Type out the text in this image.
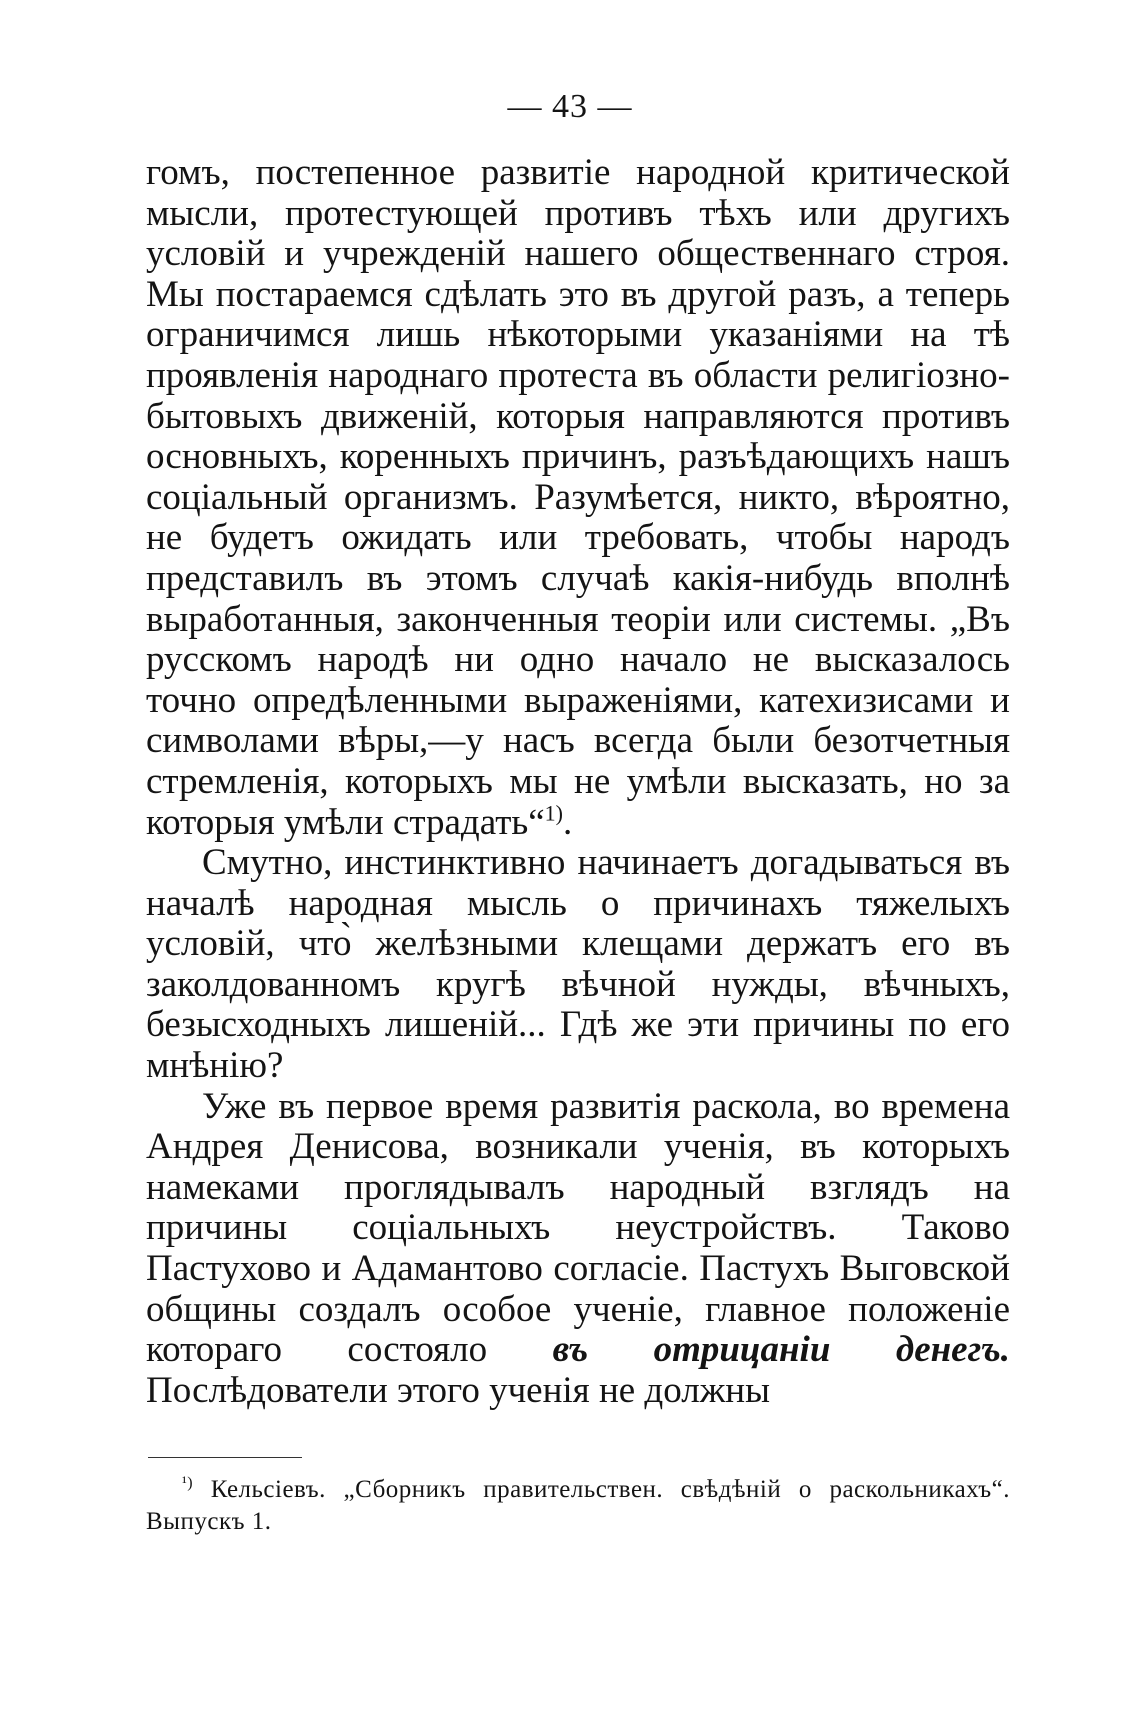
— 43 —

гомъ, постепенное развитіе народной критической мысли, протестующей противъ тѣхъ или другихъ условій и учрежденій нашего общественнаго строя. Мы постараемся сдѣлать это въ другой разъ, а теперь ограничимся лишь нѣкоторыми указаніями на тѣ проявленія народнаго протеста въ области религіозно-бытовыхъ движеній, которыя направляются противъ основныхъ, коренныхъ причинъ, разъѣдающихъ нашъ соціальный организмъ. Разумѣется, никто, вѣроятно, не будетъ ожидать или требовать, чтобы народъ представилъ въ этомъ случаѣ какія-нибудь вполнѣ выработанныя, законченныя теоріи или системы. „Въ русскомъ народѣ ни одно начало не высказалось точно опредѣленными выраженіями, катехизисами и символами вѣры,—у насъ всегда были безотчетныя стремленія, которыхъ мы не умѣли высказать, но за которыя умѣли страдать“$^{1)}$.

Смутно, инстинктивно начинаетъ догадываться въ началѣ народная мысль о причинахъ тяжелыхъ условій, что̀ желѣзными клещами держатъ его въ заколдованномъ кругѣ вѣчной нужды, вѣчныхъ, безысходныхъ лишеній... Гдѣ же эти причины по его мнѣнію?

Уже въ первое время развитія раскола, во времена Андрея Денисова, возникали ученія, въ которыхъ намеками проглядывалъ народный взглядъ на причины соціальныхъ неустройствъ. Таково Пастухово и Адамантово согласіе. Пастухъ Выговской общины создалъ особое ученіе, главное положеніе котораго состояло въ отрицаніи денегъ. Послѣдователи этого ученія не должны

$^{^1)}$ Кельсіевъ. „Сборникъ правительствен. свѣдѣній о раскольникахъ“. Выпускъ 1.
